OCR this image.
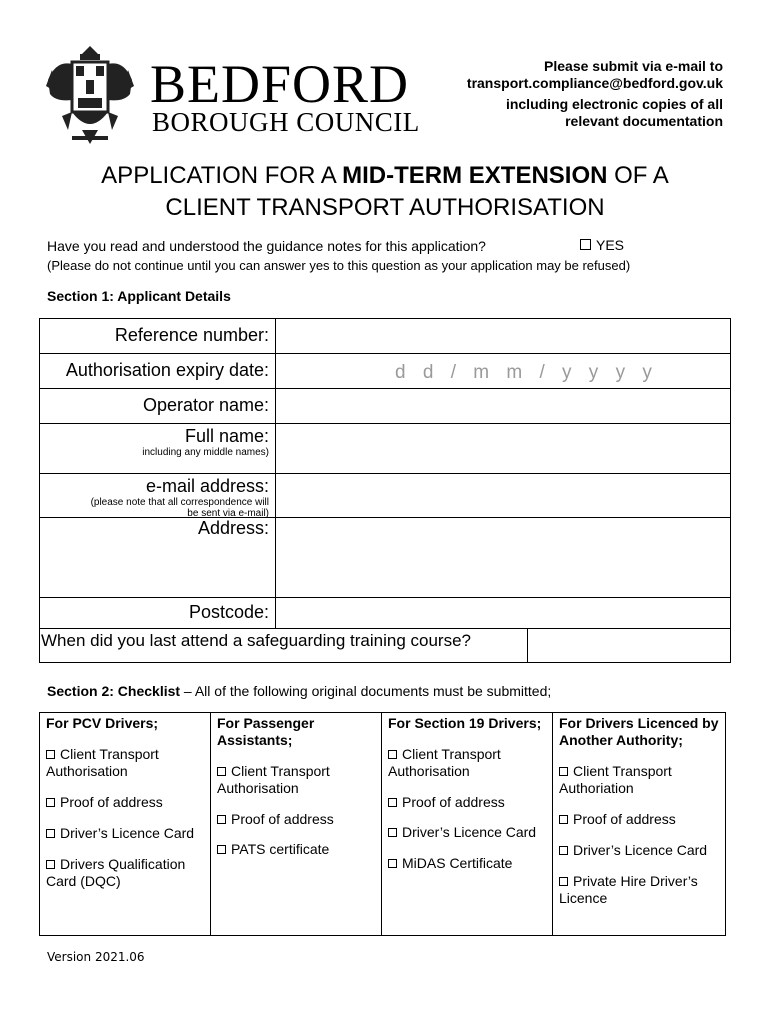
BEDFORD
BOROUGH COUNCIL
Please submit via e-mail to
transport.compliance@bedford.gov.uk
including electronic copies of all
relevant documentation
APPLICATION FOR A MID-TERM EXTENSION OF A
CLIENT TRANSPORT AUTHORISATION
Have you read and understood the guidance notes for this application?	YES
(Please do not continue until you can answer yes to this question as your application may be refused)
Section 1: Applicant Details
Reference number:
Authorisation expiry date:	d d / m m / y y y y
Operator name:
Full name:
including any middle names)
e-mail address:
(please note that all correspondence will
be sent via e-mail)
Address:
Postcode:
When did you last attend a safeguarding training course?
Section 2: Checklist – All of the following original documents must be submitted;
For PCV Drivers;
Client Transport Authorisation
Proof of address
Driver’s Licence Card
Drivers Qualification Card (DQC)
For Passenger Assistants;
Client Transport Authorisation
Proof of address
PATS certificate
For Section 19 Drivers;
Client Transport Authorisation
Proof of address
Driver’s Licence Card
MiDAS Certificate
For Drivers Licenced by Another Authority;
Client Transport Authoriation
Proof of address
Driver’s Licence Card
Private Hire Driver’s Licence
Version 2021.06
